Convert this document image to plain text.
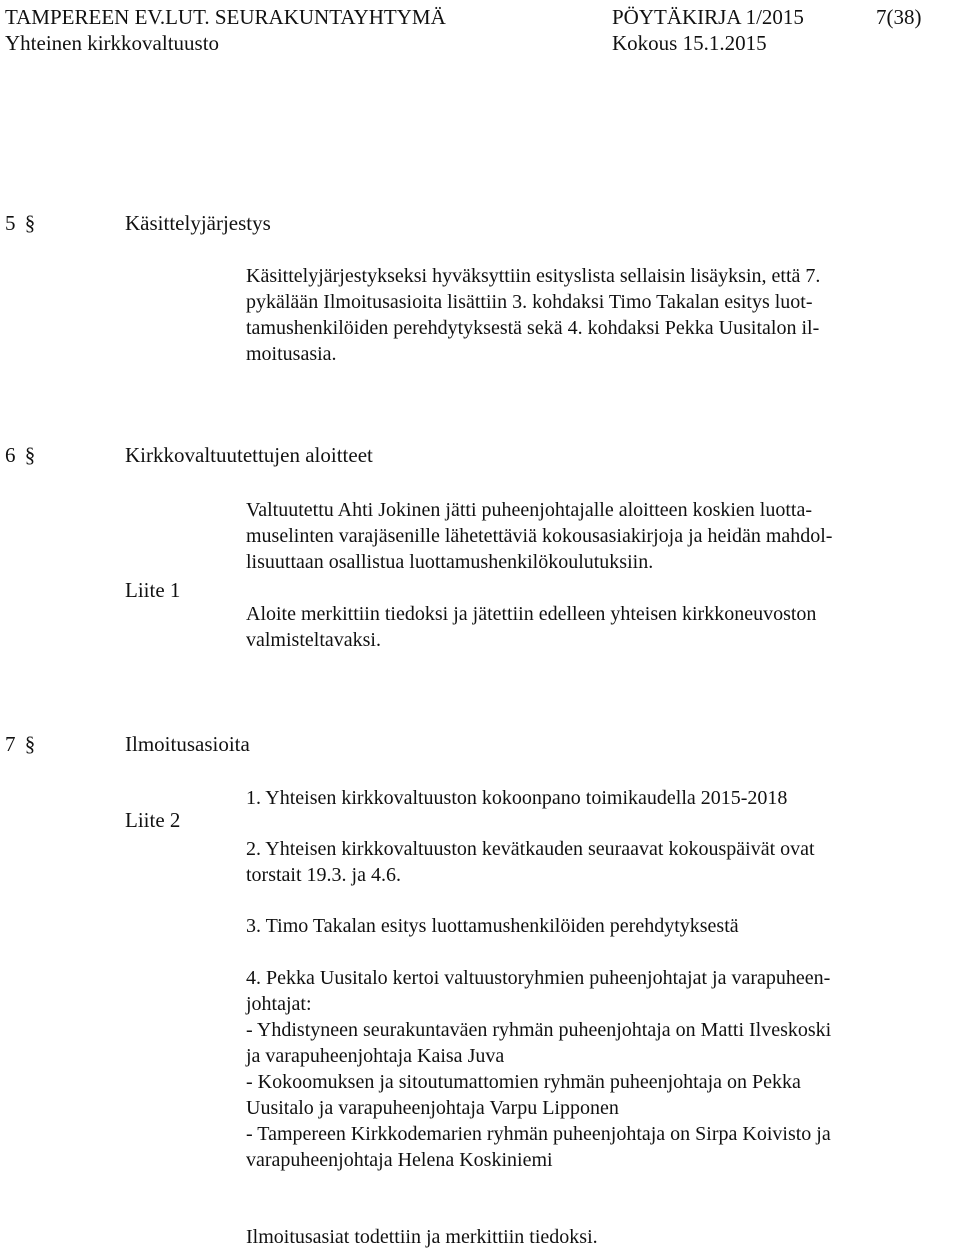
TAMPEREEN EV.LUT. SEURAKUNTAYHTYMÄ	PÖYTÄKIRJA 1/2015	7(38)
Yhteinen kirkkovaltuusto	Kokous 15.1.2015
5 §	Käsittelyjärjestys
Käsittelyjärjestykseksi hyväksyttiin esityslista sellaisin lisäyksin, että 7.
pykälään Ilmoitusasioita lisättiin 3. kohdaksi Timo Takalan esitys luot-
tamushenkilöiden perehdytyksestä sekä 4. kohdaksi Pekka Uusitalon il-
moitusasia.
6 §	Kirkkovaltuutettujen aloitteet
Valtuutettu Ahti Jokinen jätti puheenjohtajalle aloitteen koskien luotta-
muselinten varajäsenille lähetettäviä kokousasiakirjoja ja heidän mahdol-
lisuuttaan osallistua luottamushenkilökoulutuksiin.
Liite 1
Aloite merkittiin tiedoksi ja jätettiin edelleen yhteisen kirkkoneuvoston
valmisteltavaksi.
7 §	Ilmoitusasioita
Liite 2
1. Yhteisen kirkkovaltuuston kokoonpano toimikaudella 2015-2018
2. Yhteisen kirkkovaltuuston kevätkauden seuraavat kokouspäivät ovat
torstait 19.3. ja 4.6.
3. Timo Takalan esitys luottamushenkilöiden perehdytyksestä
4. Pekka Uusitalo kertoi valtuustoryhmien puheenjohtajat ja varapuheen-
johtajat:
- Yhdistyneen seurakuntaväen ryhmän puheenjohtaja on Matti Ilveskoski
ja varapuheenjohtaja Kaisa Juva
- Kokoomuksen ja sitoutumattomien ryhmän puheenjohtaja on Pekka
Uusitalo ja varapuheenjohtaja Varpu Lipponen
- Tampereen Kirkkodemarien ryhmän puheenjohtaja on Sirpa Koivisto ja
varapuheenjohtaja Helena Koskiniemi
Ilmoitusasiat todettiin ja merkittiin tiedoksi.
